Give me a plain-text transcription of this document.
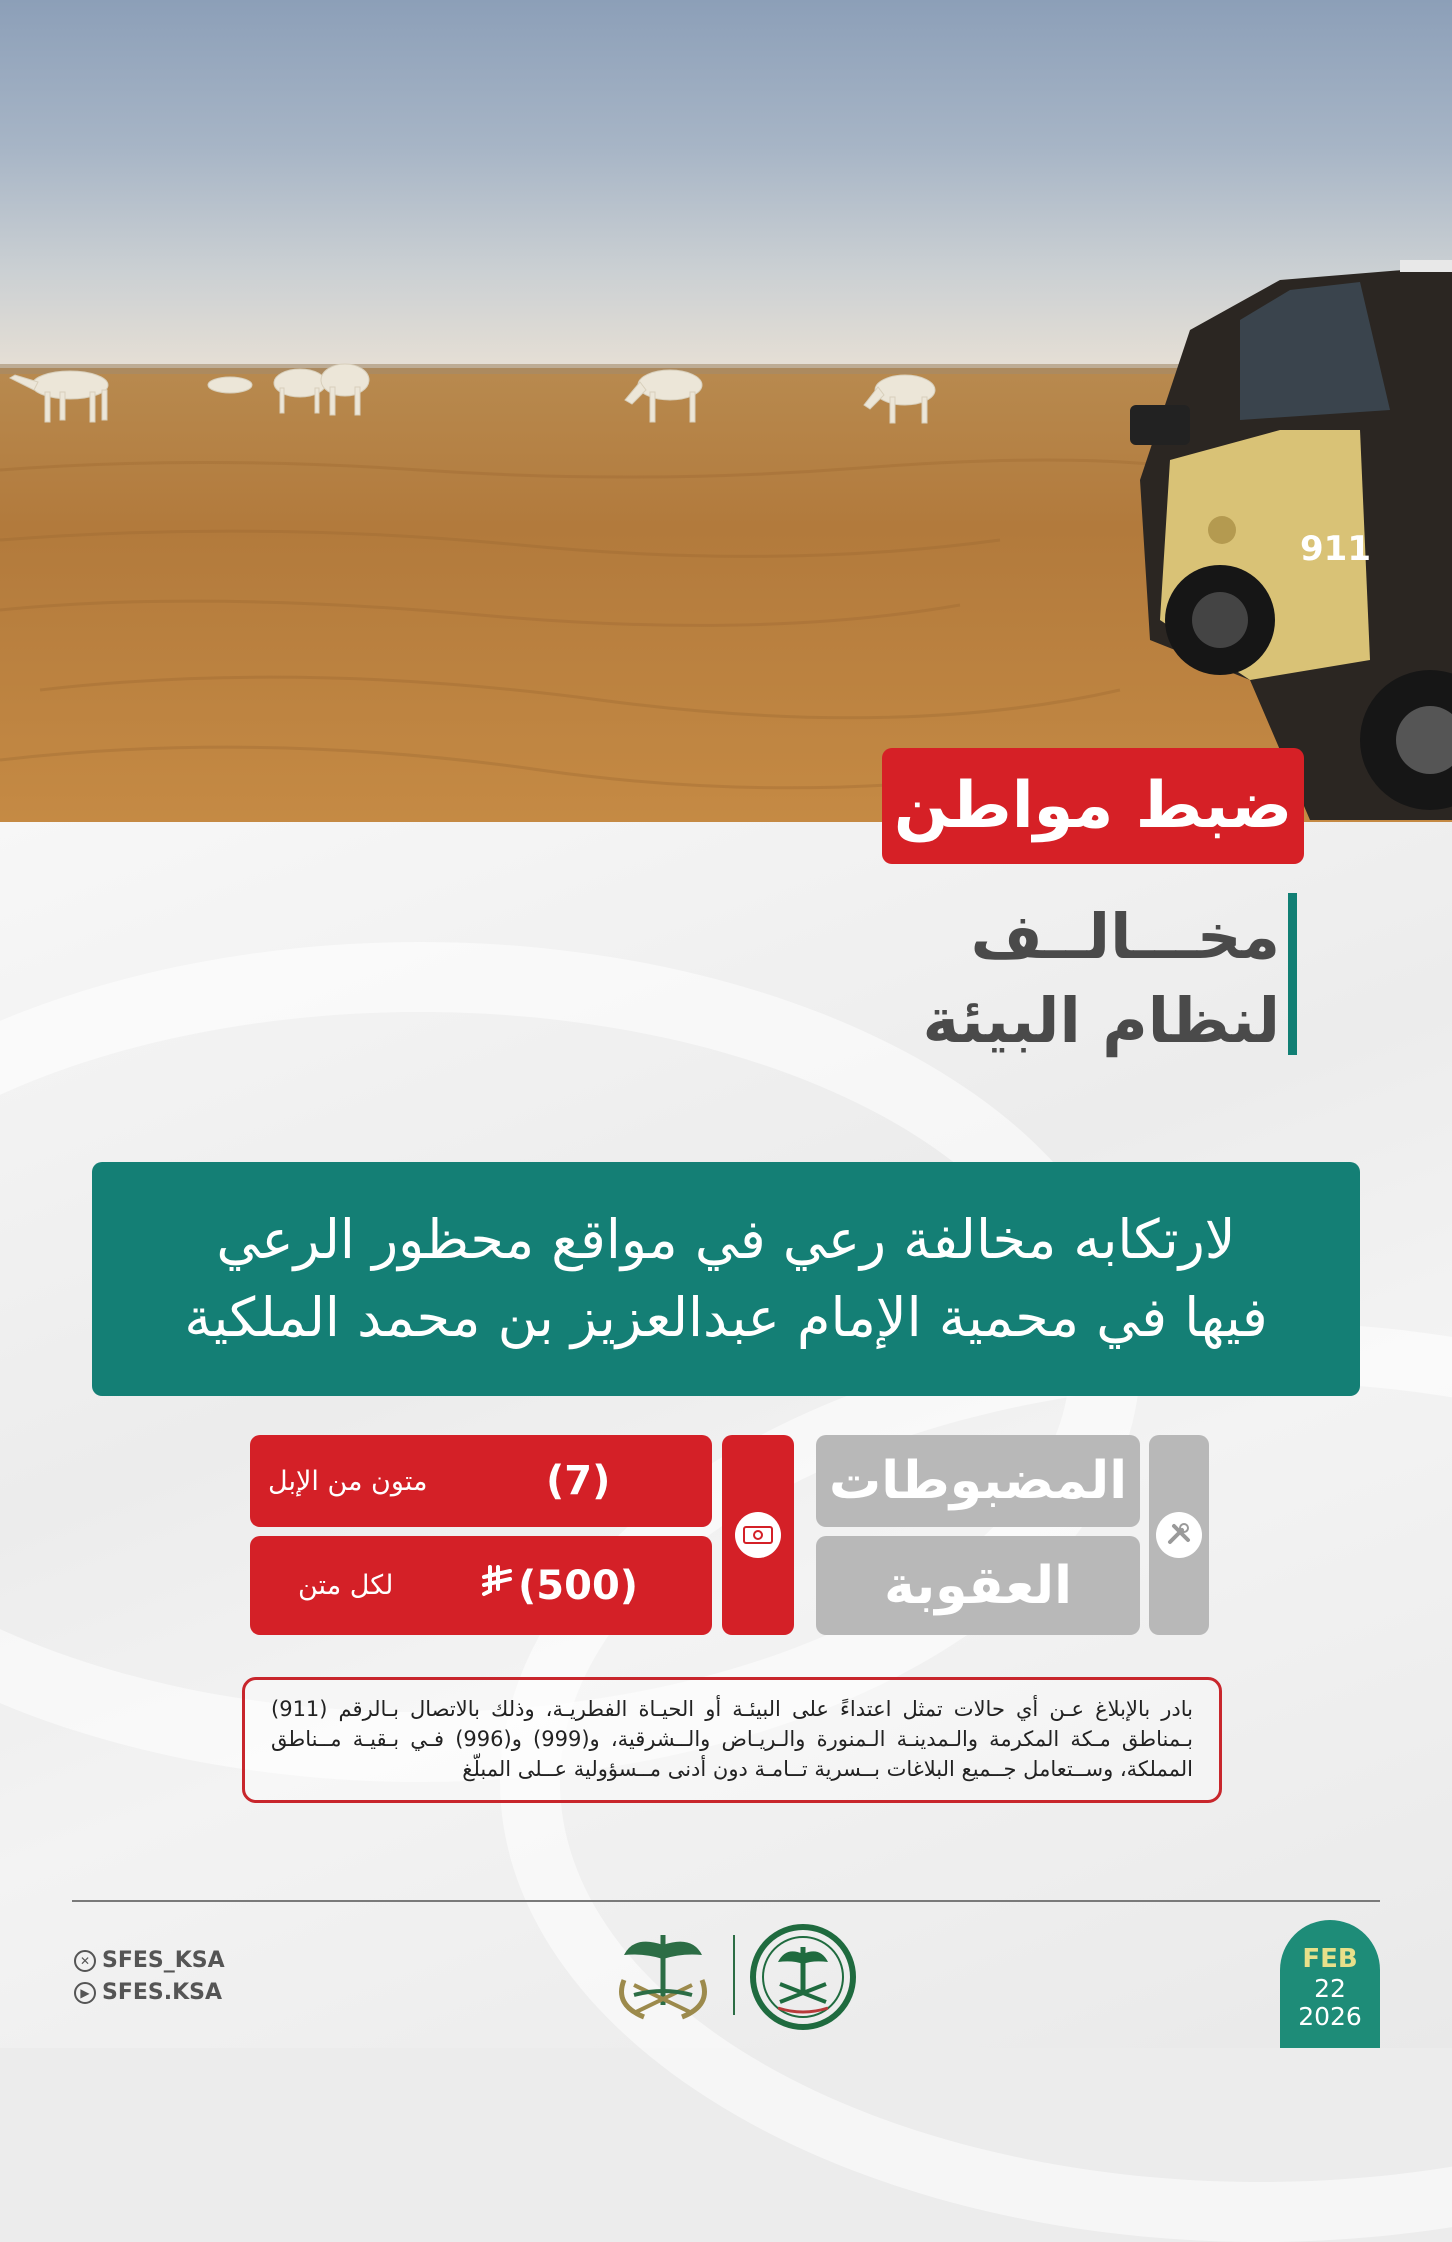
911
ضبط مواطن
مخـــالــف
لنظام البيئة
لارتكابه مخالفة رعي في مواقع محظور الرعي
فيها في محمية الإمام عبدالعزيز بن محمد الملكية
المضبوطات
العقوبة
(7)
متون من الإبل
(500)
لكل متن
بادر بالإبلاغ عـن أي حالات تمثل اعتداءً على البيئـة أو الحيـاة الفطريـة، وذلك بالاتصال بـالرقم (911) بـمناطق مـكة المكرمة والـمدينـة الـمنورة والـريـاض والــشرقية، و(999) و(996) فـي بـقيـة مــناطق المملكة، وســتعامل جــميع البلاغات بــسرية تــامـة دون أدنى مــسؤولية عــلى المبلّغ
✕ SFES_KSA
▶ SFES.KSA
FEB
22
2026
